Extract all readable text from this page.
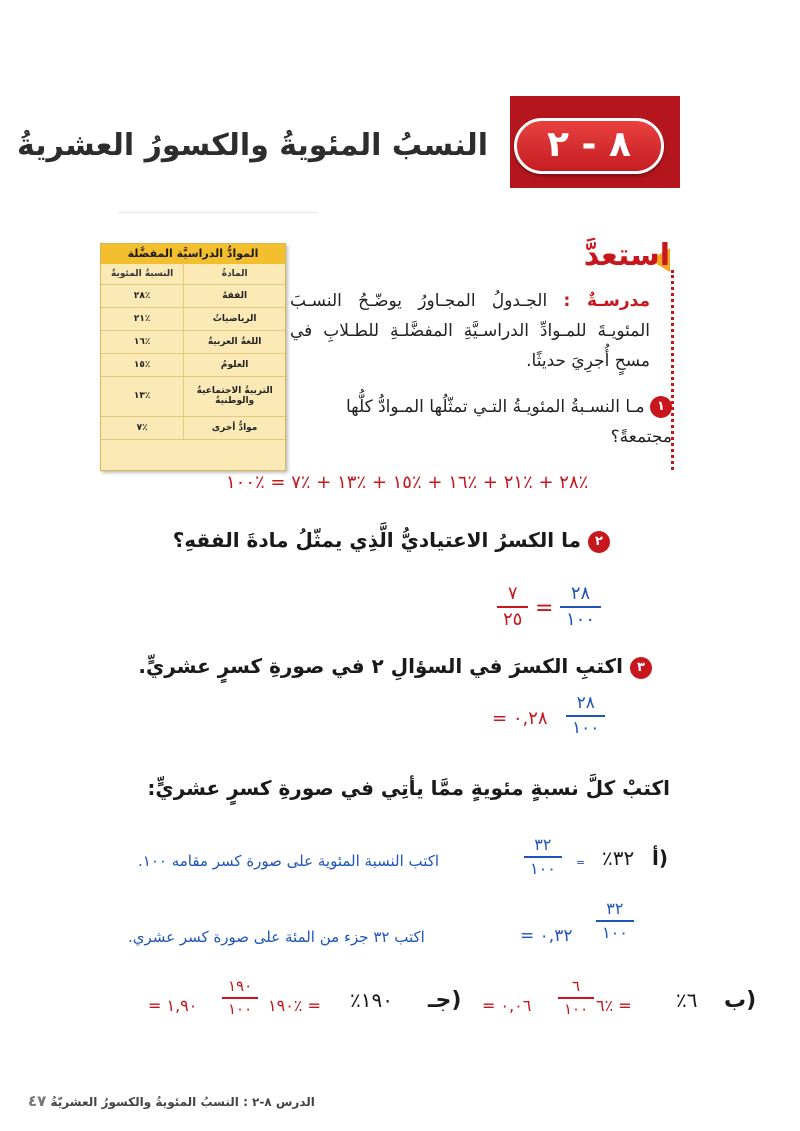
٨ - ٢
النسبُ المئويةُ والكسورُ العشريةُ
الموادُّ الدراسيَّة المفضَّلة
المادةُ	النسبةُ المئويةُ
الفقهُ	٪٢٨
الرياضياتُ	٪٢١
اللغةُ العربيةُ	٪١٦
العلومُ	٪١٥
التربيةُ الاجتماعيةُ والوطنيةُ	٪١٣
موادُّ أخرى	٪٧
استعدَّ
مدرسـةٌ : الجـدولُ المجـاورُ يوضّـحُ النسـبَ المئويـةَ للمـوادِّ الدراسـيَّةِ المفضَّلـةِ للطـلابِ في مسحٍ أُجرِيَ حديثًا.
١ مـا النسـبةُ المئويـةُ التـي تمثّلُها المـوادُّ كلُّها مجتمعةً؟
٪٢٨ + ٪٢١ + ٪١٦ + ٪١٥ + ٪١٣ + ٪٧ = ٪١٠٠
٢ ما الكسرُ الاعتياديُّ الَّذِي يمثّلُ مادةَ الفقهِ؟
٢٨
١٠٠
=
٧
٢٥
٣ اكتبِ الكسرَ في السؤالِ ٢ في صورةِ كسرٍ عشريٍّ.
٢٨
١٠٠
٠,٢٨ =
اكتبْ كلَّ نسبةٍ مئويةٍ ممَّا يأتِي في صورةِ كسرٍ عشريٍّ:
أ)
٪٣٢
=
٣٢
١٠٠
اكتب النسبة المئوية على صورة كسر مقامه ١٠٠.
٣٢
١٠٠
٠,٣٢ =
اكتب ٣٢ جزء من المئة على صورة كسر عشري.
ب)
٪٦
= ٪٦
٦
١٠٠
٠,٠٦ =
جـ)
٪١٩٠
= ٪١٩٠
١٩٠
١٠٠
١,٩٠ =
الدرس ٨-٢ : النسبُ المئويةُ والكسورُ العشريّةُ ٤٧
